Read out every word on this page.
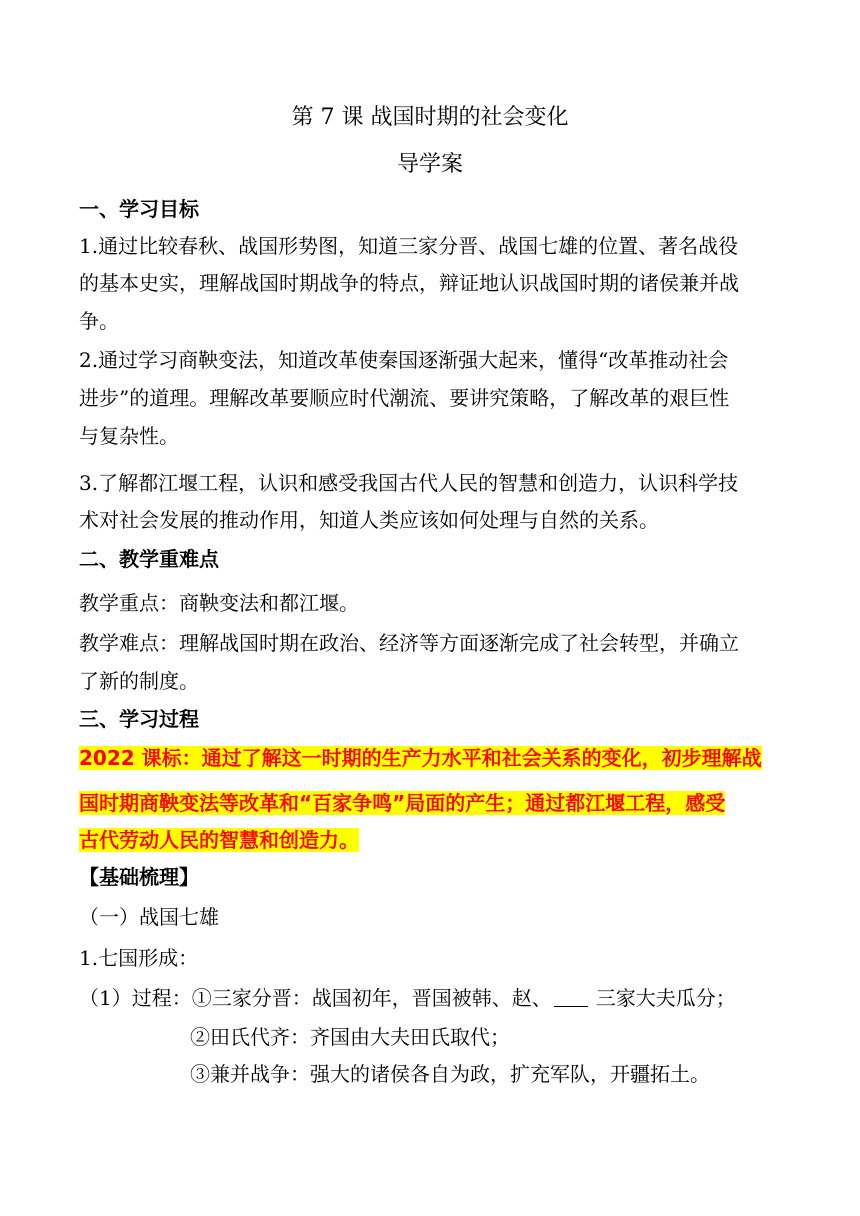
第 7 课 战国时期的社会变化
导学案
一、学习目标
1.通过比较春秋、战国形势图，知道三家分晋、战国七雄的位置、著名战役
的基本史实，理解战国时期战争的特点，辩证地认识战国时期的诸侯兼并战
争。
2.通过学习商鞅变法，知道改革使秦国逐渐强大起来，懂得“改革推动社会
进步”的道理。理解改革要顺应时代潮流、要讲究策略，了解改革的艰巨性
与复杂性。
3.了解都江堰工程，认识和感受我国古代人民的智慧和创造力，认识科学技
术对社会发展的推动作用，知道人类应该如何处理与自然的关系。
二、教学重难点
教学重点：商鞅变法和都江堰。
教学难点：理解战国时期在政治、经济等方面逐渐完成了社会转型，并确立
了新的制度。
三、学习过程
2022 课标：通过了解这一时期的生产力水平和社会关系的变化，初步理解战
国时期商鞅变法等改革和“百家争鸣”局面的产生；通过都江堰工程，感受
古代劳动人民的智慧和创造力。
【基础梳理】
（一）战国七雄
1.七国形成：
（1）过程：①三家分晋：战国初年，晋国被韩、赵、 三家大夫瓜分；
②田氏代齐：齐国由大夫田氏取代；
③兼并战争：强大的诸侯各自为政，扩充军队，开疆拓土。
